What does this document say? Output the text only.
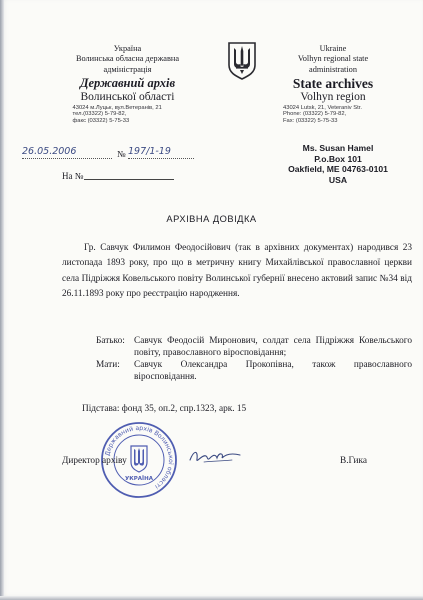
Україна
Волинська обласна державна
адміністрація
Державний архів
Волинської області
43024 м.Луцьк, вул.Ветеранів, 21
тел.(03322) 5-79-82,
факс (03322) 5-75-33
Ukraine
Volhyn regional state
administration
State archives
Volhyn region
43024 Lutsk, 21, Veteraniv Str.
Phone: (03322) 5-79-82,
Fax: (03322) 5-75-33
26.05.2006	№ 197/1-19
На №
Ms. Susan Hamel
P.o.Box 101
Oakfield, ME 04763-0101
USA
АРХІВНА ДОВІДКА
Гр. Савчук Филимон Феодосійович (так в архівних документах) народився 23 листопада 1893 року, про що в метричну книгу Михайлівської православної церкви села Підріжжя Ковельського повіту Волинської губернії внесено актовий запис №34 від 26.11.1893 року про реєстрацію народження.
Батько: Савчук Феодосій Миронович, солдат села Підріжжя Ковельського повіту, православного віросповідання;
Мати:	Савчук Олександра Прокопівна, також православного віросповідання.
Підстава: фонд 35, оп.2, спр.1323, арк. 15
Державний архів Волинської області
УКРАЇНА
Директор архіву	В.Гика
